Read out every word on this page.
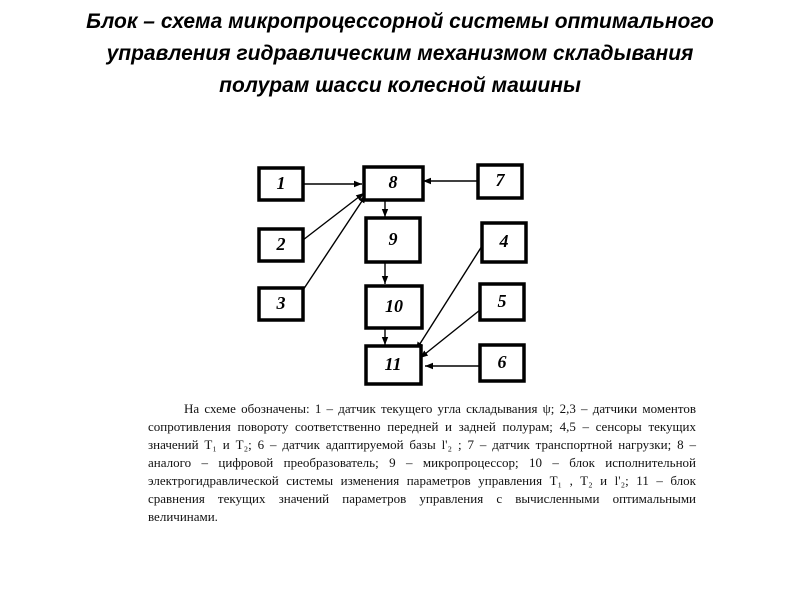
Блок – схема микропроцессорной системы оптимального
управления гидравлическим механизмом складывания
полурам шасси колесной машины
1
2
3
4
5
6
7
8
9
10
11

На схеме обозначены: 1 – датчик текущего угла складывания ψ; 2,3 – датчики моментов сопротивления повороту соответственно передней и задней полурам; 4,5 – сенсоры текущих значений T₁ и T₂; 6 – датчик адаптируемой базы l'₂ ; 7 – датчик транспортной нагрузки; 8 – аналого – цифровой преобразователь; 9 – микропроцессор; 10 – блок исполнительной электрогидравлической системы изменения параметров управления T₁ , T₂ и l'₂; 11 – блок сравнения текущих значений параметров управления с вычисленными оптимальными величинами.
